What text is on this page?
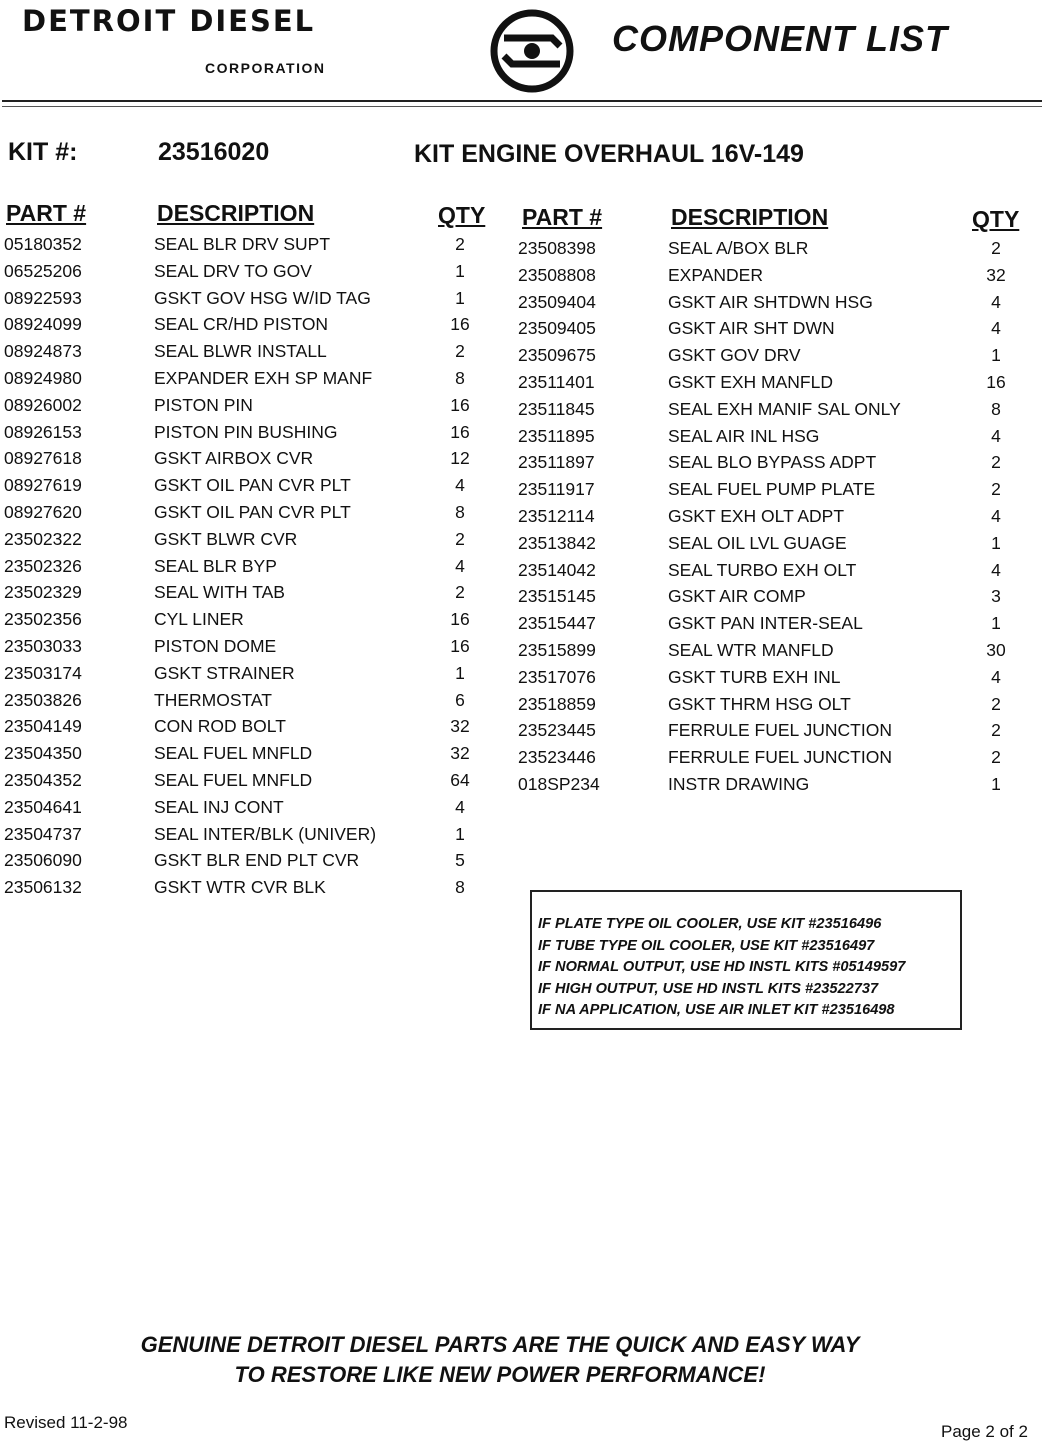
DETROIT DIESEL
CORPORATION
COMPONENT LIST
KIT #:	23516020	KIT ENGINE OVERHAUL 16V-149
PART #	DESCRIPTION	QTY PART #	DESCRIPTION	QTY
05180352	SEAL BLR DRV SUPT	2
06525206	SEAL DRV TO GOV	1
08922593	GSKT GOV HSG W/ID TAG	1
08924099	SEAL CR/HD PISTON	16
08924873	SEAL BLWR INSTALL	2
08924980	EXPANDER EXH SP MANF	8
08926002	PISTON PIN	16
08926153	PISTON PIN BUSHING	16
08927618	GSKT AIRBOX CVR	12
08927619	GSKT OIL PAN CVR PLT	4
08927620	GSKT OIL PAN CVR PLT	8
23502322	GSKT BLWR CVR	2
23502326	SEAL BLR BYP	4
23502329	SEAL WITH TAB	2
23502356	CYL LINER	16
23503033	PISTON DOME	16
23503174	GSKT STRAINER	1
23503826	THERMOSTAT	6
23504149	CON ROD BOLT	32
23504350	SEAL FUEL MNFLD	32
23504352	SEAL FUEL MNFLD	64
23504641	SEAL INJ CONT	4
23504737	SEAL INTER/BLK (UNIVER)	1
23506090	GSKT BLR END PLT CVR	5
23506132	GSKT WTR CVR BLK	8
23508398	SEAL A/BOX BLR	2
23508808	EXPANDER	32
23509404	GSKT AIR SHTDWN HSG	4
23509405	GSKT AIR SHT DWN	4
23509675	GSKT GOV DRV	1
23511401	GSKT EXH MANFLD	16
23511845	SEAL EXH MANIF SAL ONLY	8
23511895	SEAL AIR INL HSG	4
23511897	SEAL BLO BYPASS ADPT	2
23511917	SEAL FUEL PUMP PLATE	2
23512114	GSKT EXH OLT ADPT	4
23513842	SEAL OIL LVL GUAGE	1
23514042	SEAL TURBO EXH OLT	4
23515145	GSKT AIR COMP	3
23515447	GSKT PAN INTER-SEAL	1
23515899	SEAL WTR MANFLD	30
23517076	GSKT TURB EXH INL	4
23518859	GSKT THRM HSG OLT	2
23523445	FERRULE FUEL JUNCTION	2
23523446	FERRULE FUEL JUNCTION	2
018SP234	INSTR DRAWING	1
IF PLATE TYPE OIL COOLER, USE KIT #23516496
IF TUBE TYPE OIL COOLER, USE KIT #23516497
IF NORMAL OUTPUT, USE HD INSTL KITS #05149597
IF HIGH OUTPUT, USE HD INSTL KITS #23522737
IF NA APPLICATION, USE AIR INLET KIT #23516498
GENUINE DETROIT DIESEL PARTS ARE THE QUICK AND EASY WAY
TO RESTORE LIKE NEW POWER PERFORMANCE!
Revised 11-2-98	Page 2 of 2
